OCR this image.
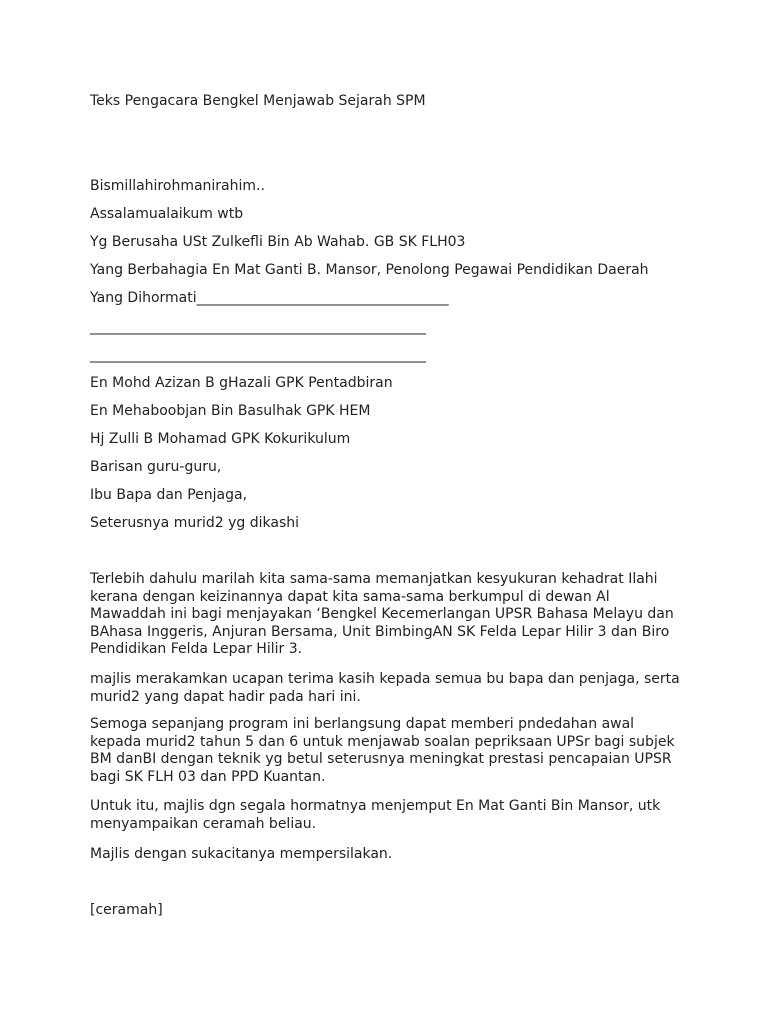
Teks Pengacara Bengkel Menjawab Sejarah SPM

Bismillahirohmanirahim..

Assalamualaikum wtb

Yg Berusaha USt Zulkefli Bin Ab Wahab. GB SK FLH03

Yang Berbahagia En Mat Ganti B. Mansor, Penolong Pegawai Pendidikan Daerah

Yang Dihormati____________________________________

________________________________________________

________________________________________________

En Mohd Azizan B gHazali GPK Pentadbiran

En Mehaboobjan Bin Basulhak GPK HEM

Hj Zulli B Mohamad GPK Kokurikulum

Barisan guru-guru,

Ibu Bapa dan Penjaga,

Seterusnya murid2 yg dikashi

Terlebih dahulu marilah kita sama-sama memanjatkan kesyukuran kehadrat Ilahi
kerana dengan keizinannya dapat kita sama-sama berkumpul di dewan Al
Mawaddah ini bagi menjayakan ‘Bengkel Kecemerlangan UPSR Bahasa Melayu dan
BAhasa Inggeris, Anjuran Bersama, Unit BimbingAN SK Felda Lepar Hilir 3 dan Biro
Pendidikan Felda Lepar Hilir 3.
majlis merakamkan ucapan terima kasih kepada semua bu bapa dan penjaga, serta
murid2 yang dapat hadir pada hari ini.
Semoga sepanjang program ini berlangsung dapat memberi pndedahan awal
kepada murid2 tahun 5 dan 6 untuk menjawab soalan pepriksaan UPSr bagi subjek
BM danBI dengan teknik yg betul seterusnya meningkat prestasi pencapaian UPSR
bagi SK FLH 03 dan PPD Kuantan.
Untuk itu, majlis dgn segala hormatnya menjemput En Mat Ganti Bin Mansor, utk
menyampaikan ceramah beliau.

Majlis dengan sukacitanya mempersilakan.

[ceramah]
